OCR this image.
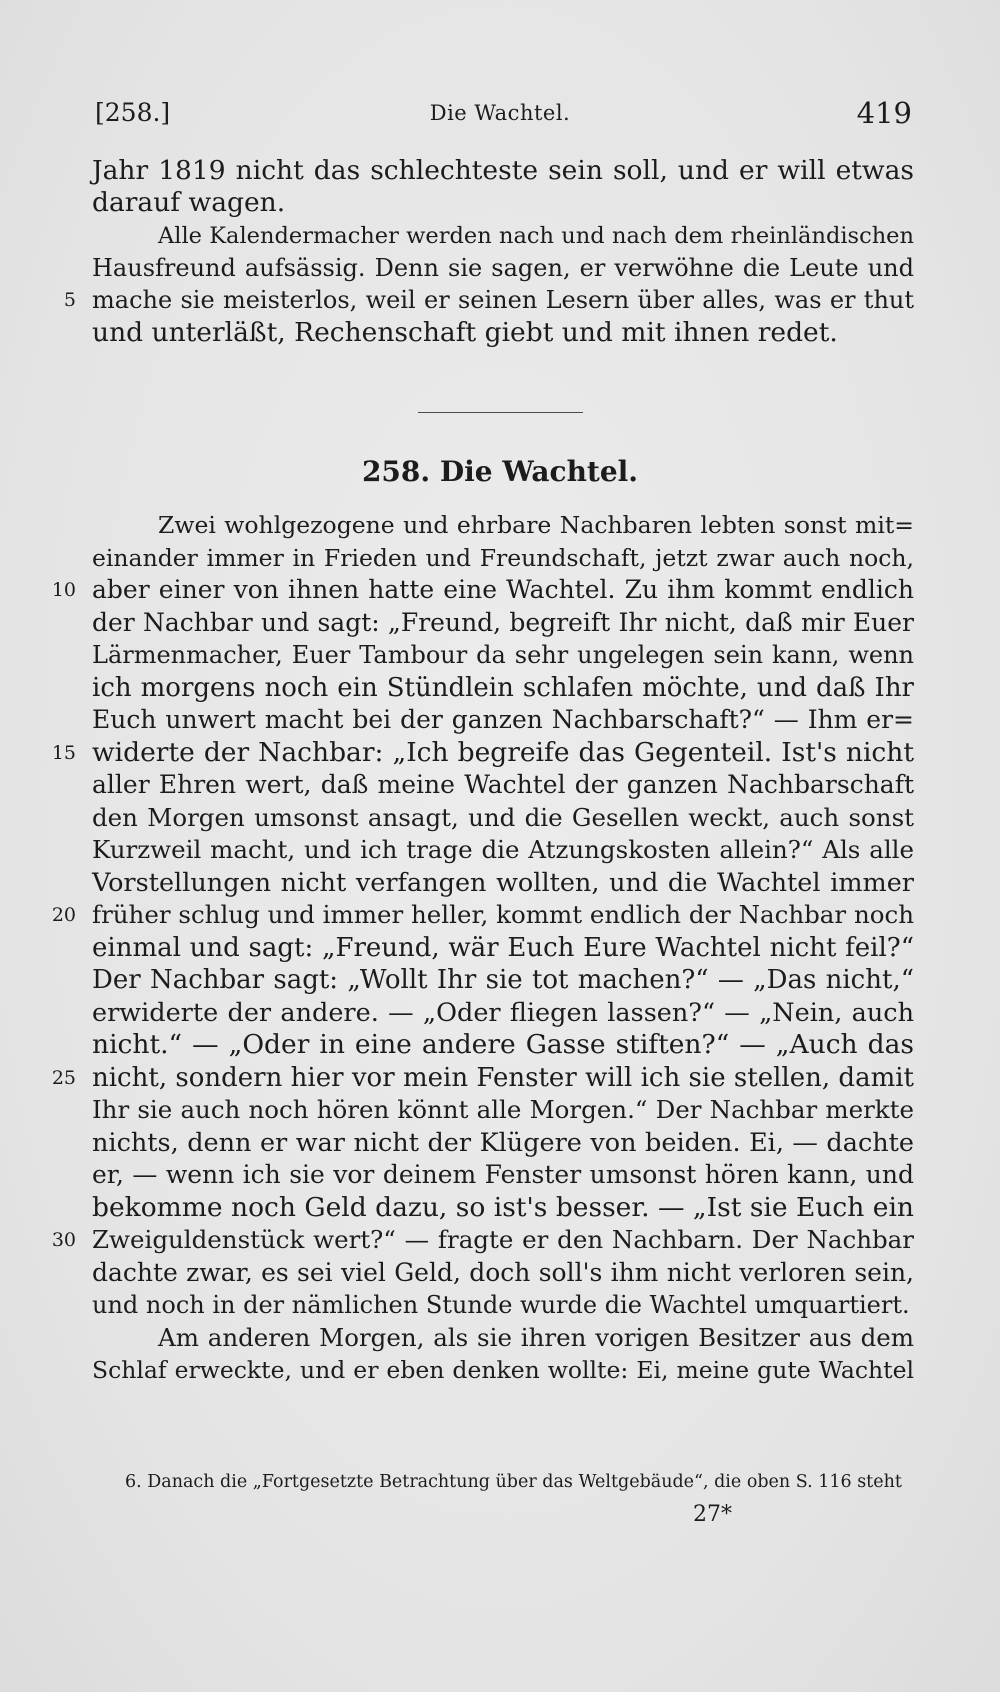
[258.]	Die Wachtel.	419
Jahr 1819 nicht das schlechteste sein soll, und er will etwas
darauf wagen.
Alle Kalendermacher werden nach und nach dem rheinländischen
Hausfreund aufsässig. Denn sie sagen, er verwöhne die Leute und
5 mache sie meisterlos, weil er seinen Lesern über alles, was er thut
und unterläßt, Rechenschaft giebt und mit ihnen redet.
258. Die Wachtel.
Zwei wohlgezogene und ehrbare Nachbaren lebten sonst mit=
einander immer in Frieden und Freundschaft, jetzt zwar auch noch,
10 aber einer von ihnen hatte eine Wachtel. Zu ihm kommt endlich
der Nachbar und sagt: „Freund, begreift Ihr nicht, daß mir Euer
Lärmenmacher, Euer Tambour da sehr ungelegen sein kann, wenn
ich morgens noch ein Stündlein schlafen möchte, und daß Ihr
Euch unwert macht bei der ganzen Nachbarschaft?“ — Ihm er=
15 widerte der Nachbar: „Ich begreife das Gegenteil. Ist's nicht
aller Ehren wert, daß meine Wachtel der ganzen Nachbarschaft
den Morgen umsonst ansagt, und die Gesellen weckt, auch sonst
Kurzweil macht, und ich trage die Atzungskosten allein?“ Als alle
Vorstellungen nicht verfangen wollten, und die Wachtel immer
20 früher schlug und immer heller, kommt endlich der Nachbar noch
einmal und sagt: „Freund, wär Euch Eure Wachtel nicht feil?“
Der Nachbar sagt: „Wollt Ihr sie tot machen?“ — „Das nicht,“
erwiderte der andere. — „Oder fliegen lassen?“ — „Nein, auch
nicht.“ — „Oder in eine andere Gasse stiften?“ — „Auch das
25 nicht, sondern hier vor mein Fenster will ich sie stellen, damit
Ihr sie auch noch hören könnt alle Morgen.“ Der Nachbar merkte
nichts, denn er war nicht der Klügere von beiden. Ei, — dachte
er, — wenn ich sie vor deinem Fenster umsonst hören kann, und
bekomme noch Geld dazu, so ist's besser. — „Ist sie Euch ein
30 Zweiguldenstück wert?“ — fragte er den Nachbarn. Der Nachbar
dachte zwar, es sei viel Geld, doch soll's ihm nicht verloren sein,
und noch in der nämlichen Stunde wurde die Wachtel umquartiert.
Am anderen Morgen, als sie ihren vorigen Besitzer aus dem
Schlaf erweckte, und er eben denken wollte: Ei, meine gute Wachtel
6. Danach die „Fortgesetzte Betrachtung über das Weltgebäude“, die oben S. 116 steht
27*
